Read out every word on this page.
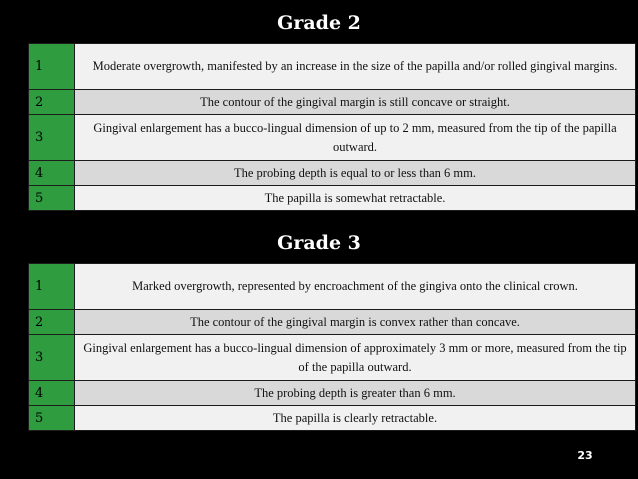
Grade 2
1	Moderate overgrowth, manifested by an increase in the size of the papilla and/or rolled gingival margins.
2	The contour of the gingival margin is still concave or straight.
3	Gingival enlargement has a bucco-lingual dimension of up to 2 mm, measured from the tip of the papilla outward.
4	The probing depth is equal to or less than 6 mm.
5	The papilla is somewhat retractable.
Grade 3
1	Marked overgrowth, represented by encroachment of the gingiva onto the clinical crown.
2	The contour of the gingival margin is convex rather than concave.
3	Gingival enlargement has a bucco-lingual dimension of approximately 3 mm or more, measured from the tip of the papilla outward.
4	The probing depth is greater than 6 mm.
5	The papilla is clearly retractable.
23
